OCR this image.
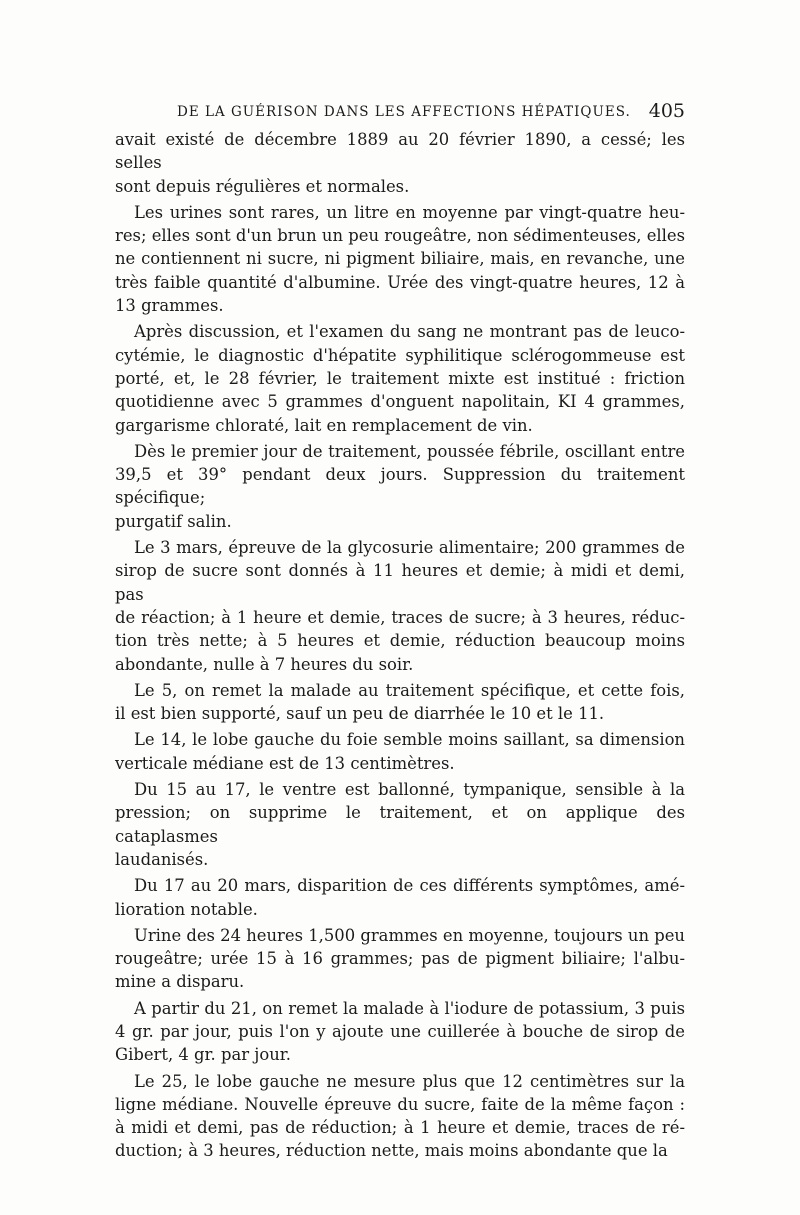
DE LA GUÉRISON DANS LES AFFECTIONS HÉPATIQUES. 405

avait existé de décembre 1889 au 20 février 1890, a cessé; les selles
sont depuis régulières et normales.

Les urines sont rares, un litre en moyenne par vingt-quatre heu-
res; elles sont d'un brun un peu rougeâtre, non sédimenteuses, elles
ne contiennent ni sucre, ni pigment biliaire, mais, en revanche, une
très faible quantité d'albumine. Urée des vingt-quatre heures, 12 à
13 grammes.

Après discussion, et l'examen du sang ne montrant pas de leuco-
cytémie, le diagnostic d'hépatite syphilitique sclérogommeuse est
porté, et, le 28 février, le traitement mixte est institué : friction
quotidienne avec 5 grammes d'onguent napolitain, KI 4 grammes,
gargarisme chloraté, lait en remplacement de vin.

Dès le premier jour de traitement, poussée fébrile, oscillant entre
39,5 et 39° pendant deux jours. Suppression du traitement spécifique;
purgatif salin.

Le 3 mars, épreuve de la glycosurie alimentaire; 200 grammes de
sirop de sucre sont donnés à 11 heures et demie; à midi et demi, pas
de réaction; à 1 heure et demie, traces de sucre; à 3 heures, réduc-
tion très nette; à 5 heures et demie, réduction beaucoup moins
abondante, nulle à 7 heures du soir.

Le 5, on remet la malade au traitement spécifique, et cette fois,
il est bien supporté, sauf un peu de diarrhée le 10 et le 11.

Le 14, le lobe gauche du foie semble moins saillant, sa dimension
verticale médiane est de 13 centimètres.

Du 15 au 17, le ventre est ballonné, tympanique, sensible à la
pression; on supprime le traitement, et on applique des cataplasmes
laudanisés.

Du 17 au 20 mars, disparition de ces différents symptômes, amé-
lioration notable.

Urine des 24 heures 1,500 grammes en moyenne, toujours un peu
rougeâtre; urée 15 à 16 grammes; pas de pigment biliaire; l'albu-
mine a disparu.

A partir du 21, on remet la malade à l'iodure de potassium, 3 puis
4 gr. par jour, puis l'on y ajoute une cuillerée à bouche de sirop de
Gibert, 4 gr. par jour.

Le 25, le lobe gauche ne mesure plus que 12 centimètres sur la
ligne médiane. Nouvelle épreuve du sucre, faite de la même façon :
à midi et demi, pas de réduction; à 1 heure et demie, traces de ré-
duction; à 3 heures, réduction nette, mais moins abondante que la
